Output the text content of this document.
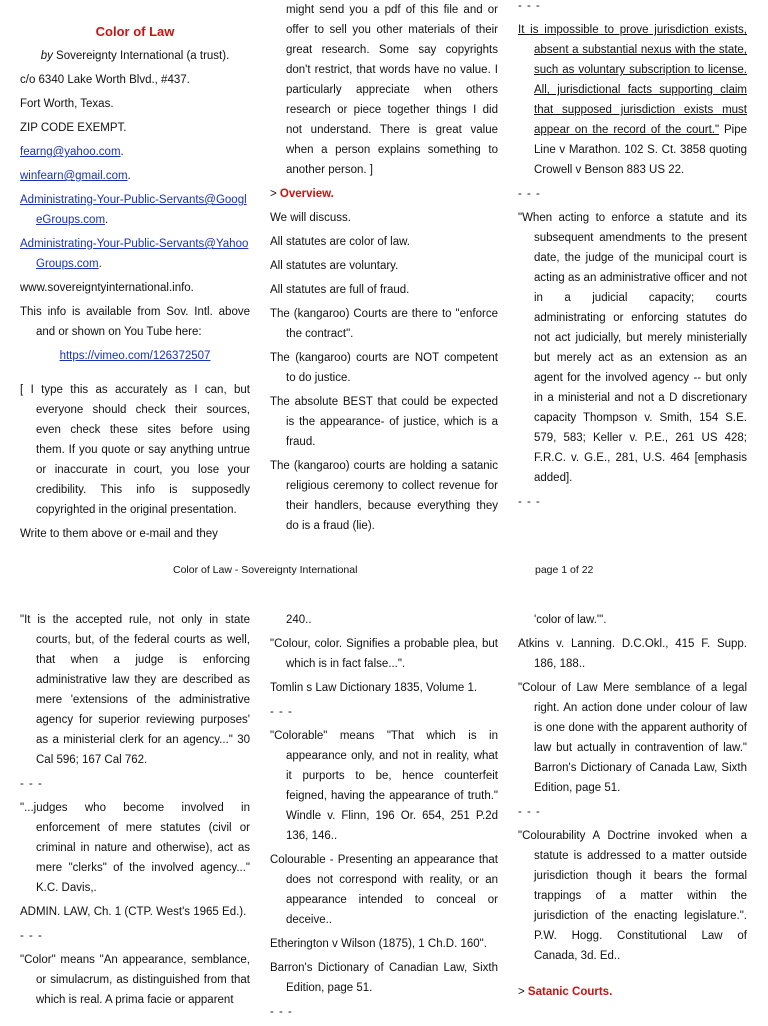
Color of Law

by Sovereignty International (a trust).

c/o 6340 Lake Worth Blvd., #437.

Fort Worth, Texas.

ZIP CODE EXEMPT.

fearng@yahoo.com.

winfearn@gmail.com.

Administrating-Your-Public-Servants@GoogleGroups.com.

Administrating-Your-Public-Servants@YahooGroups.com.

www.sovereigntyinternational.info.

This info is available from Sov. Intl. above and or shown on You Tube here:

https://vimeo.com/126372507

[ I type this as accurately as I can, but everyone should check their sources, even check these sites before using them. If you quote or say anything untrue or inaccurate in court, you lose your credibility. This info is supposedly copyrighted in the original presentation.

Write to them above or e-mail and they

might send you a pdf of this file and or offer to sell you other materials of their great research. Some say copyrights don't restrict, that words have no value. I particularly appreciate when others research or piece together things I did not understand. There is great value when a person explains something to another person. ]

> Overview.

We will discuss.

All statutes are color of law.

All statutes are voluntary.

All statutes are full of fraud.

The (kangaroo) Courts are there to "enforce the contract".

The (kangaroo) courts are NOT competent to do justice.

The absolute BEST that could be expected is the appearance- of justice, which is a fraud.

The (kangaroo) courts are holding a satanic religious ceremony to collect revenue for their handlers, because everything they do is a fraud (lie).

- - -

It is impossible to prove jurisdiction exists, absent a substantial nexus with the state, such as voluntary subscription to license. All, jurisdictional facts supporting claim that supposed jurisdiction exists must appear on the record of the court." Pipe Line v Marathon. 102 S. Ct. 3858 quoting Crowell v Benson 883 US 22.

- - -

"When acting to enforce a statute and its subsequent amendments to the present date, the judge of the municipal court is acting as an administrative officer and not in a judicial capacity; courts administrating or enforcing statutes do not act judicially, but merely ministerially but merely act as an extension as an agent for the involved agency -- but only in a ministerial and not a D discretionary capacity Thompson v. Smith, 154 S.E. 579, 583; Keller v. P.E., 261 US 428; F.R.C. v. G.E., 281, U.S. 464 [emphasis added].

- - -

Color of Law - Sovereignty International	page 1 of 22

"It is the accepted rule, not only in state courts, but, of the federal courts as well, that when a judge is enforcing administrative law they are described as mere 'extensions of the administrative agency for superior reviewing purposes' as a ministerial clerk for an agency..." 30 Cal 596; 167 Cal 762.

- - -

"...judges who become involved in enforcement of mere statutes (civil or criminal in nature and otherwise), act as mere "clerks" of the involved agency..." K.C. Davis,.

ADMIN. LAW, Ch. 1 (CTP. West's 1965 Ed.).

- - -

"Color" means "An appearance, semblance, or simulacrum, as distinguished from that which is real. A prima facie or apparent

240..

"Colour, color. Signifies a probable plea, but which is in fact false...".

Tomlin s Law Dictionary 1835, Volume 1.

- - -

"Colorable" means "That which is in appearance only, and not in reality, what it purports to be, hence counterfeit feigned, having the appearance of truth." Windle v. Flinn, 196 Or. 654, 251 P.2d 136, 146..

Colourable - Presenting an appearance that does not correspond with reality, or an appearance intended to conceal or deceive..

Etherington v Wilson (1875), 1 Ch.D. 160".

Barron's Dictionary of Canadian Law, Sixth Edition, page 51.

- - -

'color of law.'".

Atkins v. Lanning. D.C.Okl., 415 F. Supp. 186, 188..

"Colour of Law Mere semblance of a legal right. An action done under colour of law is one done with the apparent authority of law but actually in contravention of law." Barron's Dictionary of Canada Law, Sixth Edition, page 51.

- - -

"Colourability A Doctrine invoked when a statute is addressed to a matter outside jurisdiction though it bears the formal trappings of a matter within the jurisdiction of the enacting legislature.". P.W. Hogg. Constitutional Law of Canada, 3d. Ed..

> Satanic Courts.
